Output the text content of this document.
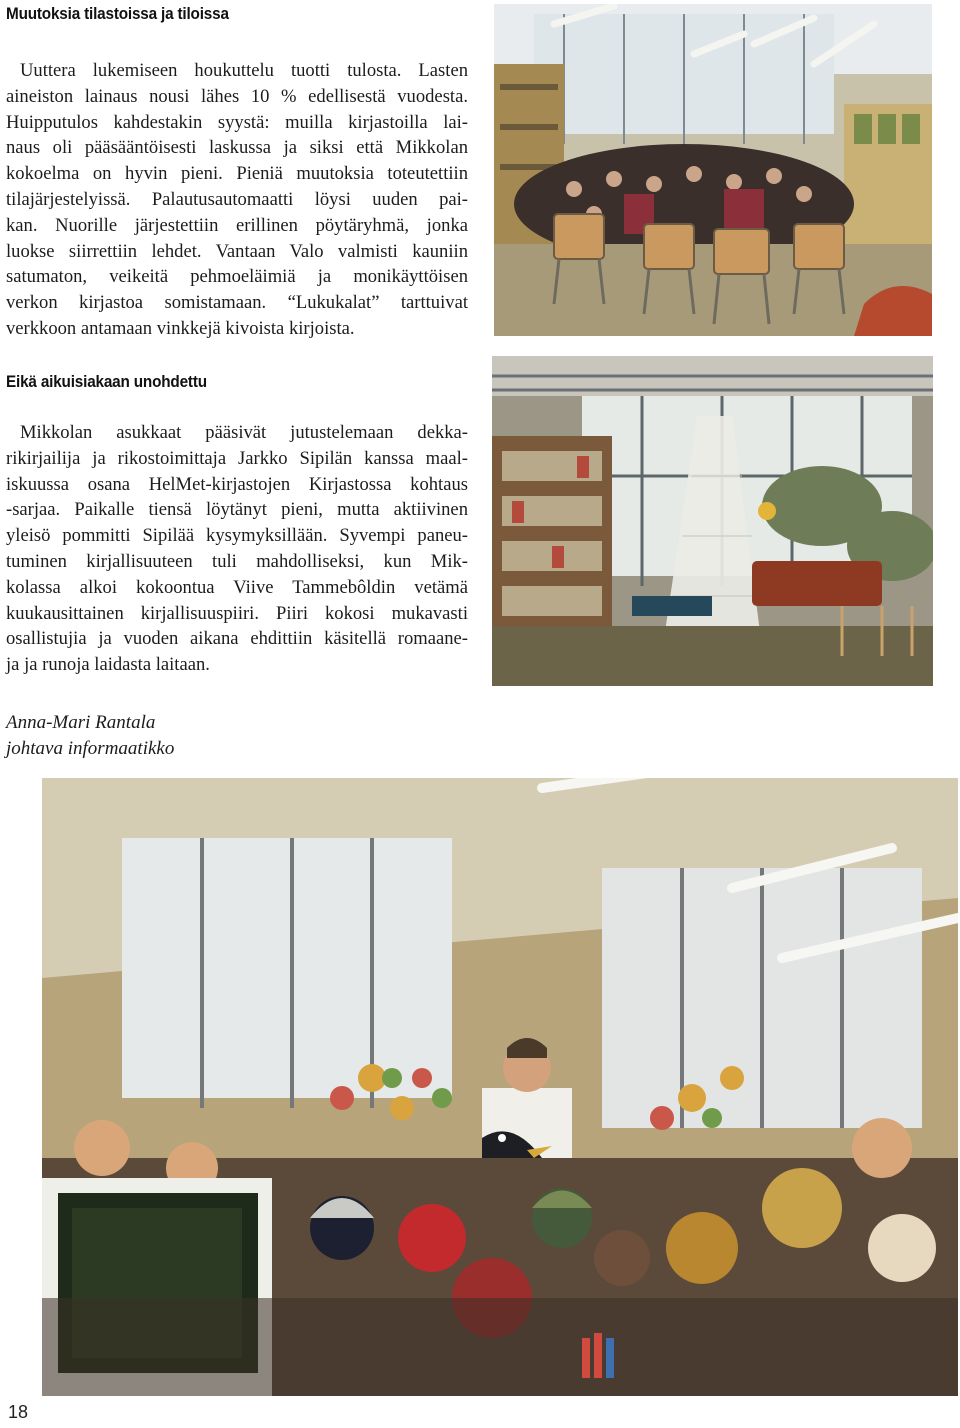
Muutoksia tilastoissa ja tiloissa
Uuttera lukemiseen houkuttelu tuotti tulosta. Lasten
aineiston lainaus nousi lähes 10 % edellisestä vuodesta.
Huipputulos kahdestakin syystä: muilla kirjastoilla lai-
naus oli pääsääntöisesti laskussa ja siksi että Mikkolan
kokoelma on hyvin pieni. Pieniä muutoksia toteutettiin
tilajärjestelyissä. Palautusautomaatti löysi uuden pai-
kan. Nuorille järjestettiin erillinen pöytäryhmä, jonka
luokse siirrettiin lehdet. Vantaan Valo valmisti kauniin
satumaton, veikeitä pehmoeläimiä ja monikäyttöisen
verkon kirjastoa somistamaan. “Lukukalat” tarttuivat
verkkoon antamaan vinkkejä kivoista kirjoista.
Eikä aikuisiakaan unohdettu
Mikkolan asukkaat pääsivät jutustelemaan dekka-
rikirjailija ja rikostoimittaja Jarkko Sipilän kanssa maal-
iskuussa osana HelMet-kirjastojen Kirjastossa kohtaus
-sarjaa. Paikalle tiensä löytänyt pieni, mutta aktiivinen
yleisö pommitti Sipilää kysymyksillään. Syvempi paneu-
tuminen kirjallisuuteen tuli mahdolliseksi, kun Mik-
kolassa alkoi kokoontua Viive Tammebôldin vetämä
kuukausittainen kirjallisuuspiiri. Piiri kokosi mukavasti
osallistujia ja vuoden aikana ehdittiin käsitellä romaane-
ja ja runoja laidasta laitaan.
Anna-Mari Rantala
johtava informaatikko
18
